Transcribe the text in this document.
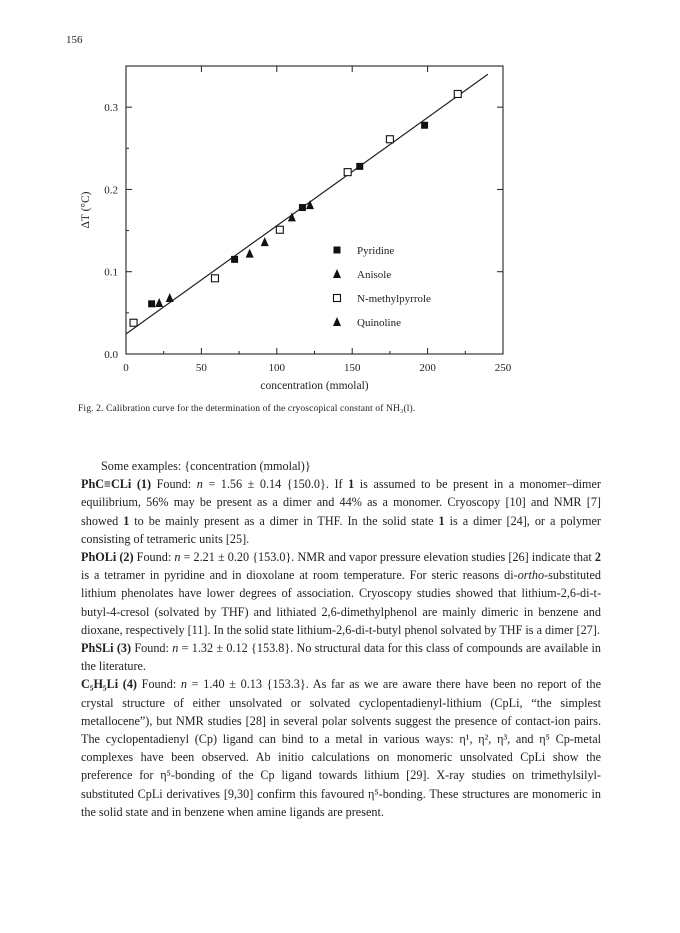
156
0	50	100	150	200	250
0.0
0.1
0.2
0.3
concentration (mmolal)
ΔT (°C)
Pyridine
Anisole
N-methylpyrrole
Quinoline
Fig. 2. Calibration curve for the determination of the cryoscopical constant of NH₃(l).

Some examples: {concentration (mmolal)}

PhC≡CLi (1) Found: n = 1.56 ± 0.14 {150.0}. If 1 is assumed to be present in a monomer–dimer equilibrium, 56% may be present as a dimer and 44% as a monomer. Cryoscopy [10] and NMR [7] showed 1 to be mainly present as a dimer in THF. In the solid state 1 is a dimer [24], or a polymer consisting of tetrameric units [25].

PhOLi (2) Found: n = 2.21 ± 0.20 {153.0}. NMR and vapor pressure elevation studies [26] indicate that 2 is a tetramer in pyridine and in dioxolane at room temperature. For steric reasons di-ortho-substituted lithium phenolates have lower degrees of association. Cryoscopy studies showed that lithium-2,6-di-t-butyl-4-cresol (solvated by THF) and lithiated 2,6-dimethylphenol are mainly dimeric in benzene and dioxane, respectively [11]. In the solid state lithium-2,6-di-t-butyl phenol solvated by THF is a dimer [27].

PhSLi (3) Found: n = 1.32 ± 0.12 {153.8}. No structural data for this class of compounds are available in the literature.

C₅H₅Li (4) Found: n = 1.40 ± 0.13 {153.3}. As far as we are aware there have been no report of the crystal structure of either unsolvated or solvated cyclopentadienyl-lithium (CpLi, “the simplest metallocene”), but NMR studies [28] in several polar solvents suggest the presence of contact-ion pairs. The cyclopentadienyl (Cp) ligand can bind to a metal in various ways: η¹, η², η³, and η⁵ Cp-metal complexes have been observed. Ab initio calculations on monomeric unsolvated CpLi show the preference for η⁵-bonding of the Cp ligand towards lithium [29]. X-ray studies on trimethylsilyl-substituted CpLi derivatives [9,30] confirm this favoured η⁵-bonding. These structures are monomeric in the solid state and in benzene when amine ligands are present.
